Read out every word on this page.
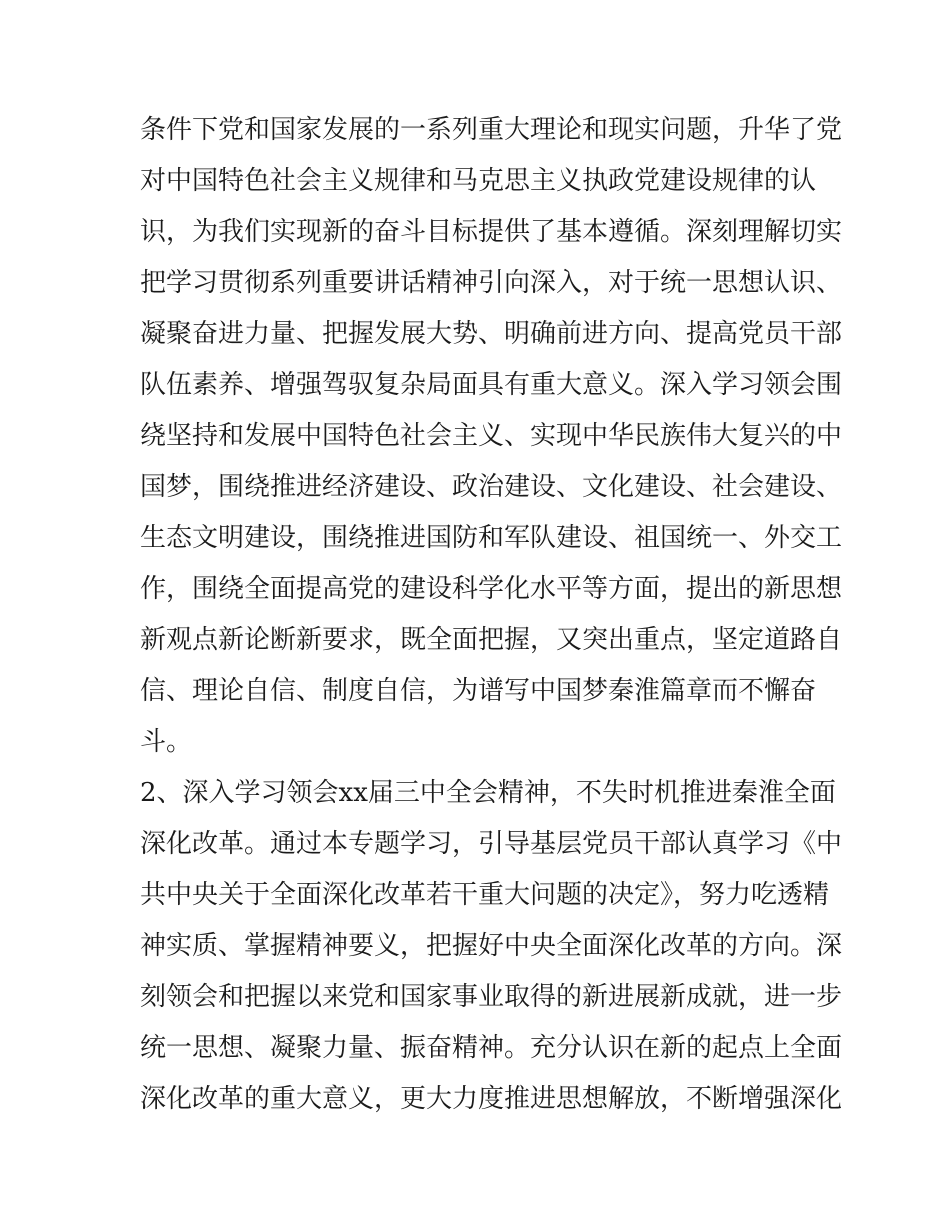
条件下党和国家发展的一系列重大理论和现实问题，升华了党
对中国特色社会主义规律和马克思主义执政党建设规律的认
识，为我们实现新的奋斗目标提供了基本遵循。深刻理解切实
把学习贯彻系列重要讲话精神引向深入，对于统一思想认识、
凝聚奋进力量、把握发展大势、明确前进方向、提高党员干部
队伍素养、增强驾驭复杂局面具有重大意义。深入学习领会围
绕坚持和发展中国特色社会主义、实现中华民族伟大复兴的中
国梦，围绕推进经济建设、政治建设、文化建设、社会建设、
生态文明建设，围绕推进国防和军队建设、祖国统一、外交工
作，围绕全面提高党的建设科学化水平等方面，提出的新思想
新观点新论断新要求，既全面把握，又突出重点，坚定道路自
信、理论自信、制度自信，为谱写中国梦秦淮篇章而不懈奋
斗。
2、深入学习领会xx届三中全会精神，不失时机推进秦淮全面
深化改革。通过本专题学习，引导基层党员干部认真学习《中
共中央关于全面深化改革若干重大问题的决定》，努力吃透精
神实质、掌握精神要义，把握好中央全面深化改革的方向。深
刻领会和把握以来党和国家事业取得的新进展新成就，进一步
统一思想、凝聚力量、振奋精神。充分认识在新的起点上全面
深化改革的重大意义，更大力度推进思想解放，不断增强深化
